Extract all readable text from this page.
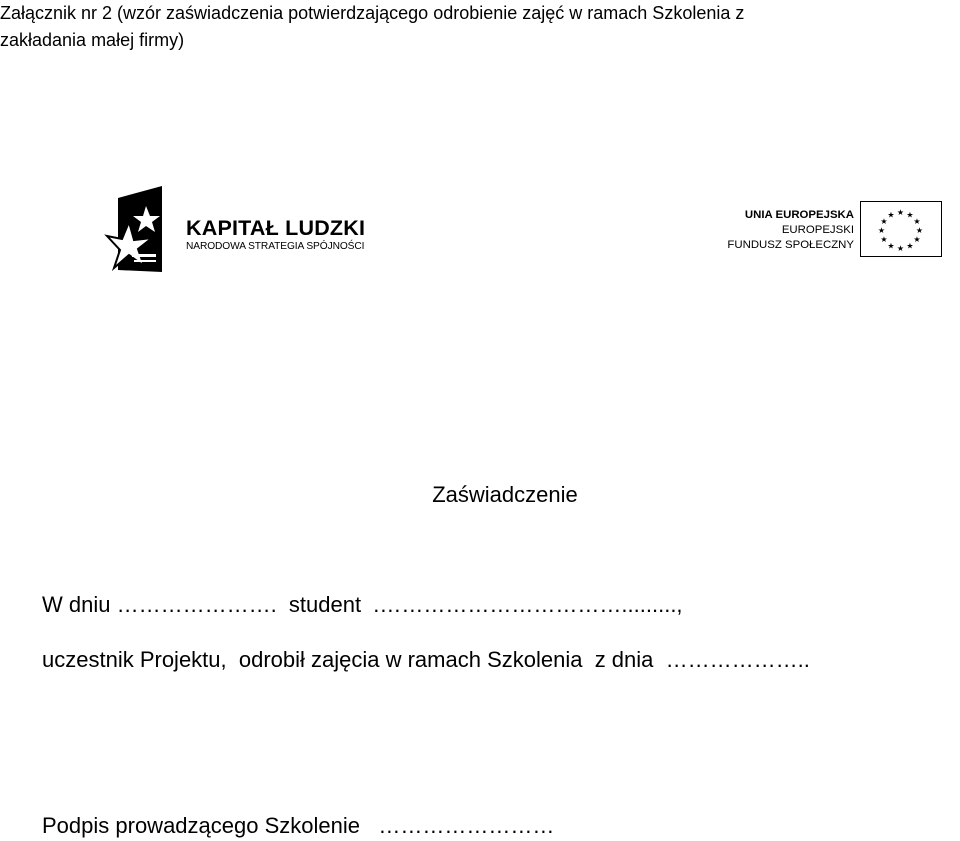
Załącznik nr 2 (wzór zaświadczenia potwierdzającego odrobienie zajęć w ramach Szkolenia z
zakładania małej firmy)
KAPITAŁ LUDZKI
NARODOWA STRATEGIA SPÓJNOŚCI
UNIA EUROPEJSKA
EUROPEJSKI
FUNDUSZ SPOŁECZNY
★ ★
★
★
★
★
★
★
★
★
★
★
Zaświadczenie
W dniu ………………….  student  .…………………………….........,
uczestnik Projektu,  odrobił zajęcia w ramach Szkolenia  z dnia  ………………..
Podpis prowadzącego Szkolenie   ……………………
